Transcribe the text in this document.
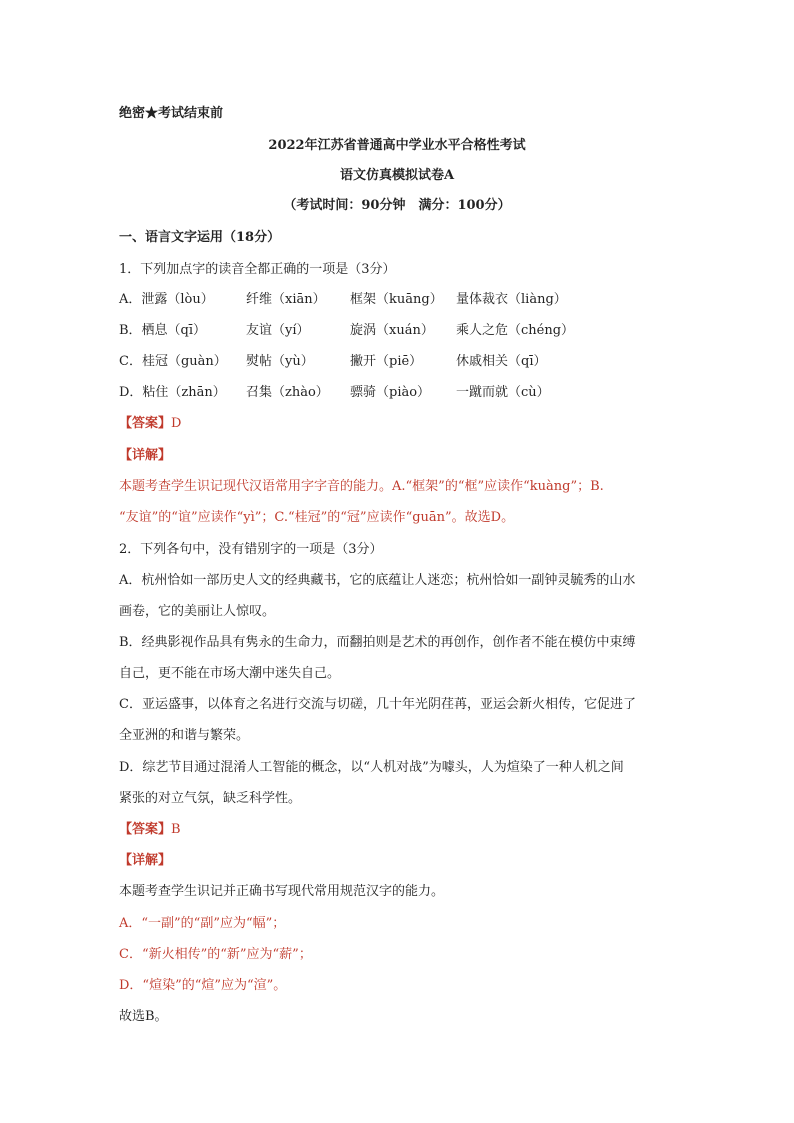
绝密★考试结束前
2022年江苏省普通高中学业水平合格性考试
语文仿真模拟试卷A
（考试时间：90分钟　满分：100分）
一、语言文字运用（18分）
1．下列加点字的读音全都正确的一项是（3分）
A．泄露（lòu） 纤维（xiān） 框架（kuāng） 量体裁衣（liàng）
B．栖息（qī）	友谊（yí）	旋涡（xuán） 乘人之危（chéng）
C．桂冠（guàn） 熨帖（yù）	撇开（piē）	休戚相关（qī）
D．粘住（zhān） 召集（zhào） 骠骑（piào） 一蹴而就（cù）
【答案】D
【详解】
本题考查学生识记现代汉语常用字字音的能力。A.“框架”的“框”应读作“kuàng”；B.
“友谊”的“谊”应读作“yì”；C.“桂冠”的“冠”应读作“guān”。故选D。
2．下列各句中，没有错别字的一项是（3分）
A．杭州恰如一部历史人文的经典藏书，它的底蕴让人迷恋；杭州恰如一副钟灵毓秀的山水
画卷，它的美丽让人惊叹。
B．经典影视作品具有隽永的生命力，而翻拍则是艺术的再创作，创作者不能在模仿中束缚
自己，更不能在市场大潮中迷失自己。
C．亚运盛事，以体育之名进行交流与切磋，几十年光阴荏苒，亚运会新火相传，它促进了
全亚洲的和谐与繁荣。
D．综艺节目通过混淆人工智能的概念，以“人机对战”为噱头，人为煊染了一种人机之间
紧张的对立气氛，缺乏科学性。
【答案】B
【详解】
本题考查学生识记并正确书写现代常用规范汉字的能力。
A．“一副”的“副”应为“幅”；
C．“新火相传”的“新”应为“薪”；
D．“煊染”的“煊”应为“渲”。
故选B。
